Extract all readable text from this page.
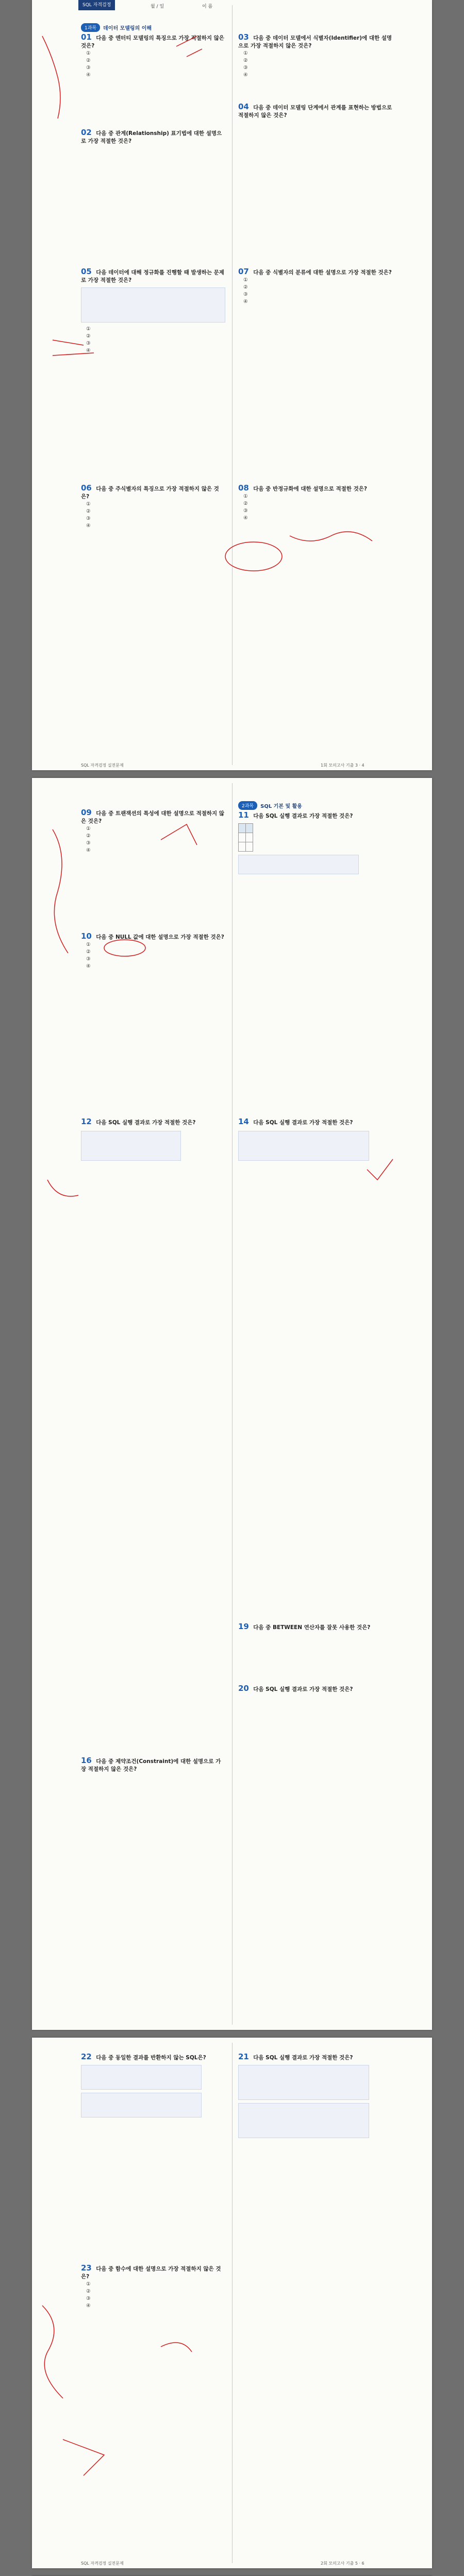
SQL 자격검정	월 / 일	이 름
1과목	데이터 모델링의 이해
01 다음 중 엔터티 모델링의 특징으로 가장 적절하지 않은 것은?
①
②
③
④
02 다음 중 관계(Relationship) 표기법에 대한 설명으로 가장 적절한 것은?
03 다음 중 데이터 모델에서 식별자(Identifier)에 대한 설명으로 가장 적절하지 않은 것은?
①
②
③
④
04 다음 중 데이터 모델링 단계에서 관계를 표현하는 방법으로 적절하지 않은 것은?
05 다음 데이터에 대해 정규화를 진행할 때 발생하는 문제로 가장 적절한 것은?
①
②
③
④
07 다음 중 식별자의 분류에 대한 설명으로 가장 적절한 것은?
①
②
③
④
06 다음 중 주식별자의 특징으로 가장 적절하지 않은 것은?
①
②
③
④
08 다음 중 반정규화에 대한 설명으로 적절한 것은?
①
②
③
④
SQL 자격검정 실전문제	1회 모의고사 기출 3 · 4
09 다음 중 트랜잭션의 특성에 대한 설명으로 적절하지 않은 것은?
①
②
③
④
10 다음 중 NULL 값에 대한 설명으로 가장 적절한 것은?
①
②
③
④
2과목	SQL 기본 및 활용
11 다음 SQL 실행 결과로 가장 적절한 것은?

12 다음 SQL 실행 결과로 가장 적절한 것은?	14 다음 SQL 실행 결과로 가장 적절한 것은?
16 다음 중 제약조건(Constraint)에 대한 설명으로 가장 적절하지 않은 것은?
19 다음 중 BETWEEN 연산자를 잘못 사용한 것은?
20 다음 SQL 실행 결과로 가장 적절한 것은?
22 다음 중 동일한 결과를 반환하지 않는 SQL은?
23 다음 중 함수에 대한 설명으로 가장 적절하지 않은 것은?
①
②
③
④
21 다음 SQL 실행 결과로 가장 적절한 것은?
SQL 자격검정 실전문제	2회 모의고사 기출 5 · 6
